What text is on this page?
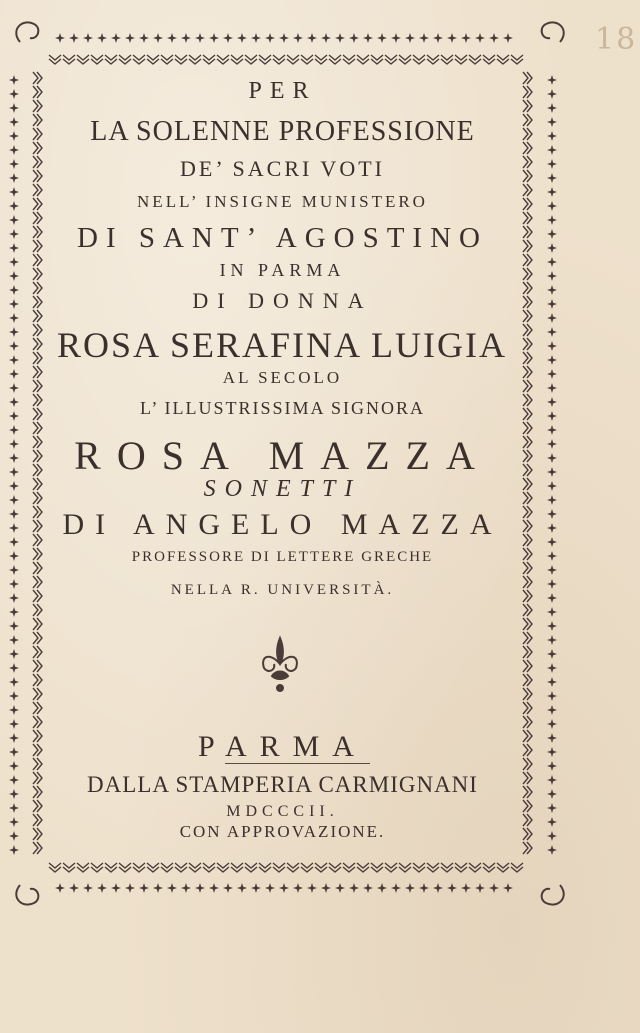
18
PER
LA SOLENNE PROFESSIONE
DE’ SACRI VOTI
NELL’ INSIGNE MUNISTERO
DI SANT’ AGOSTINO
IN PARMA
DI DONNA
ROSA SERAFINA LUIGIA
AL SECOLO
L’ ILLUSTRISSIMA SIGNORA
ROSA MAZZA
SONETTI
DI ANGELO MAZZA
PROFESSORE DI LETTERE GRECHE
NELLA R. UNIVERSITÀ.
PARMA
DALLA STAMPERIA CARMIGNANI
MDCCCII.
CON APPROVAZIONE.
